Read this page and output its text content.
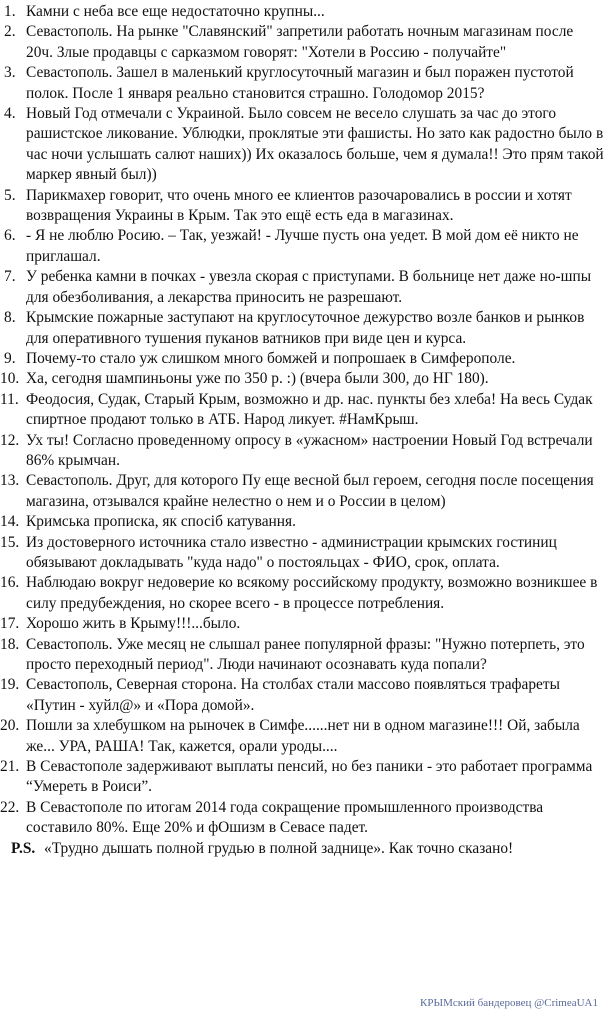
1. Камни с неба все еще недостаточно крупны...
2. Севастополь. На рынке "Славянский" запретили работать ночным магазинам после 20ч. Злые продавцы с сарказмом говорят: "Хотели в Россию - получайте"
3. Севастополь. Зашел в маленький круглосуточный магазин и был поражен пустотой полок. После 1 января реально становится страшно. Голодомор 2015?
4. Новый Год отмечали с Украиной. Было совсем не весело слушать за час до этого рашистское ликование. Ублюдки, проклятые эти фашисты. Но зато как радостно было в час ночи услышать салют наших)) Их оказалось больше, чем я думала!! Это прям такой маркер явный был))
5. Парикмахер говорит, что очень много ее клиентов разочаровались в россии и хотят возвращения Украины в Крым. Так это ещё есть еда в магазинах.
6. - Я не люблю Росию. – Так, уезжай! - Лучше пусть она уедет. В мой дом её никто не приглашал.
7. У ребенка камни в почках - увезла скорая с приступами. В больнице нет даже но-шпы для обезболивания, а лекарства приносить не разрешают.
8. Крымские пожарные заступают на круглосуточное дежурство возле банков и рынков для оперативного тушения пуканов ватников при виде цен и курса.
9. Почему-то стало уж слишком много бомжей и попрошаек в Симферополе.
10. Ха, сегодня шампиньоны уже по 350 р. :) (вчера были 300, до НГ 180).
11. Феодосия, Судак, Старый Крым, возможно и др. нас. пункты без хлеба! На весь Судак спиртное продают только в АТБ. Народ ликует. #НамКрыш.
12. Ух ты! Согласно проведенному опросу в «ужасном» настроении Новый Год встречали 86% крымчан.
13. Севастополь. Друг, для которого Пу еще весной был героем, сегодня после посещения магазина, отзывался крайне нелестно о нем и о России в целом)
14. Кримська прописка, як спосіб катування.
15. Из достоверного источника стало известно - администрации крымских гостиниц обязывают докладывать "куда надо" о постояльцах - ФИО, срок, оплата.
16. Наблюдаю вокруг недоверие ко всякому российскому продукту, возможно возникшее в силу предубеждения, но скорее всего - в процессе потребления.
17. Хорошо жить в Крыму!!!...было.
18. Севастополь. Уже месяц не слышал ранее популярной фразы: "Нужно потерпеть, это просто переходный период". Люди начинают осознавать куда попали?
19. Севастополь, Северная сторона. На столбах стали массово появляться трафареты «Путин - хуйл@» и «Пора домой».
20. Пошли за хлебушком на рыночек в Симфе......нет ни в одном магазине!!! Ой, забыла же... УРА, РАША! Так, кажется, орали уроды....
21. В Севастополе задерживают выплаты пенсий, но без паники - это работает программа “Умереть в Роиси”.
22. В Севастополе по итогам 2014 года сокращение промышленного производства составило 80%. Еще 20% и фОшизм в Севасе падет.
P.S. «Трудно дышать полной грудью в полной заднице». Как точно сказано!
КРЫМский бандеровец @CrimeaUA1
